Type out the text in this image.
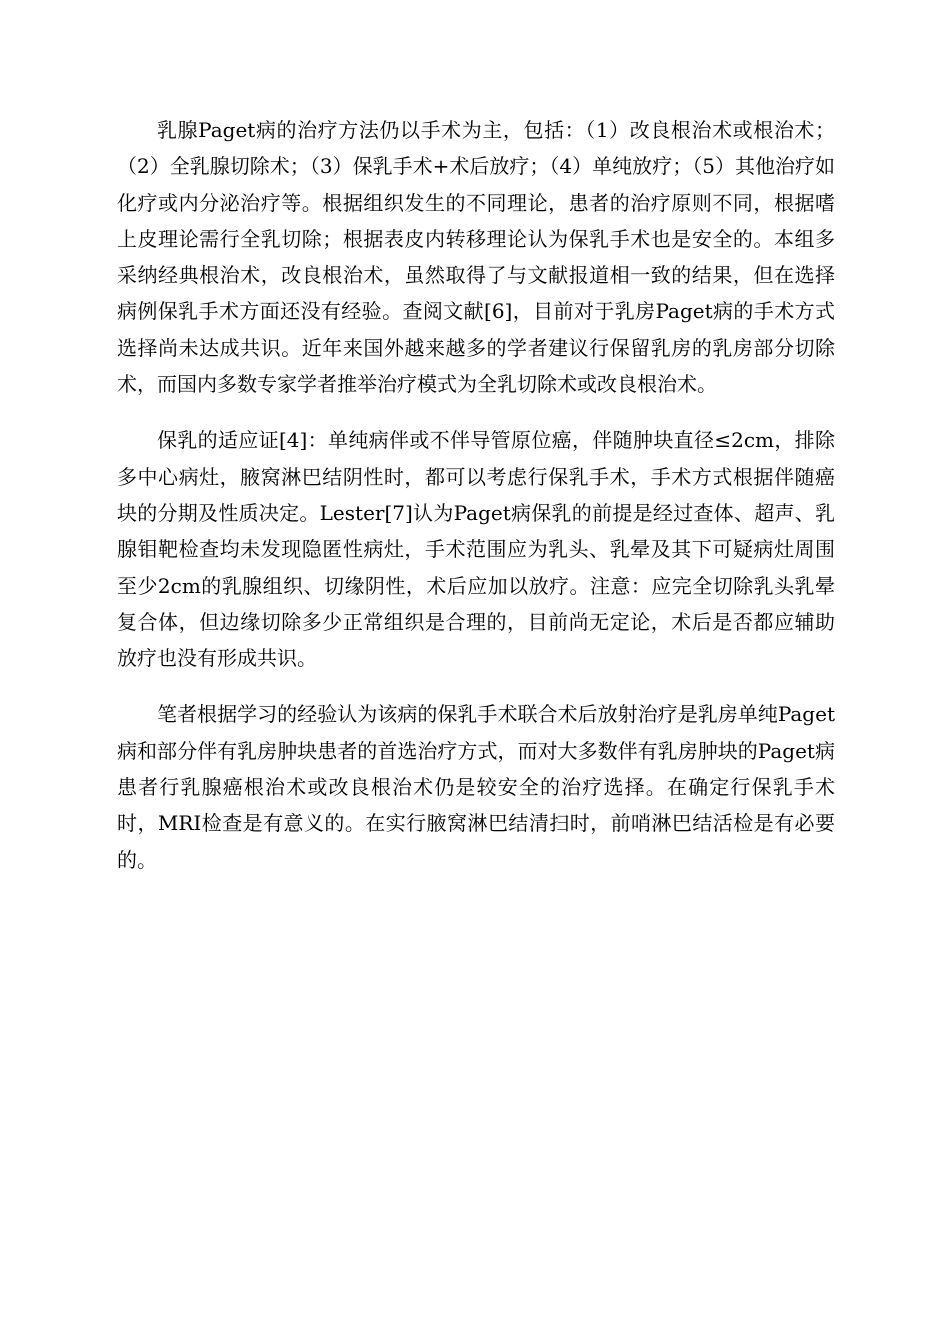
乳腺Paget病的治疗方法仍以手术为主，包括：（1）改良根治术或根治术；（2）全乳腺切除术；（3）保乳手术+术后放疗；（4）单纯放疗；（5）其他治疗如化疗或内分泌治疗等。根据组织发生的不同理论，患者的治疗原则不同，根据嗜上皮理论需行全乳切除；根据表皮内转移理论认为保乳手术也是安全的。本组多采纳经典根治术，改良根治术，虽然取得了与文献报道相一致的结果，但在选择病例保乳手术方面还没有经验。查阅文献[6]，目前对于乳房Paget病的手术方式选择尚未达成共识。近年来国外越来越多的学者建议行保留乳房的乳房部分切除术，而国内多数专家学者推举治疗模式为全乳切除术或改良根治术。

保乳的适应证[4]：单纯病伴或不伴导管原位癌，伴随肿块直径≤2cm，排除多中心病灶，腋窝淋巴结阴性时，都可以考虑行保乳手术，手术方式根据伴随癌块的分期及性质决定。Lester[7]认为Paget病保乳的前提是经过查体、超声、乳腺钼靶检查均未发现隐匿性病灶，手术范围应为乳头、乳晕及其下可疑病灶周围至少2cm的乳腺组织、切缘阴性，术后应加以放疗。注意：应完全切除乳头乳晕复合体，但边缘切除多少正常组织是合理的，目前尚无定论，术后是否都应辅助放疗也没有形成共识。

笔者根据学习的经验认为该病的保乳手术联合术后放射治疗是乳房单纯Paget病和部分伴有乳房肿块患者的首选治疗方式，而对大多数伴有乳房肿块的Paget病患者行乳腺癌根治术或改良根治术仍是较安全的治疗选择。在确定行保乳手术时，MRI检查是有意义的。在实行腋窝淋巴结清扫时，前哨淋巴结活检是有必要的。
